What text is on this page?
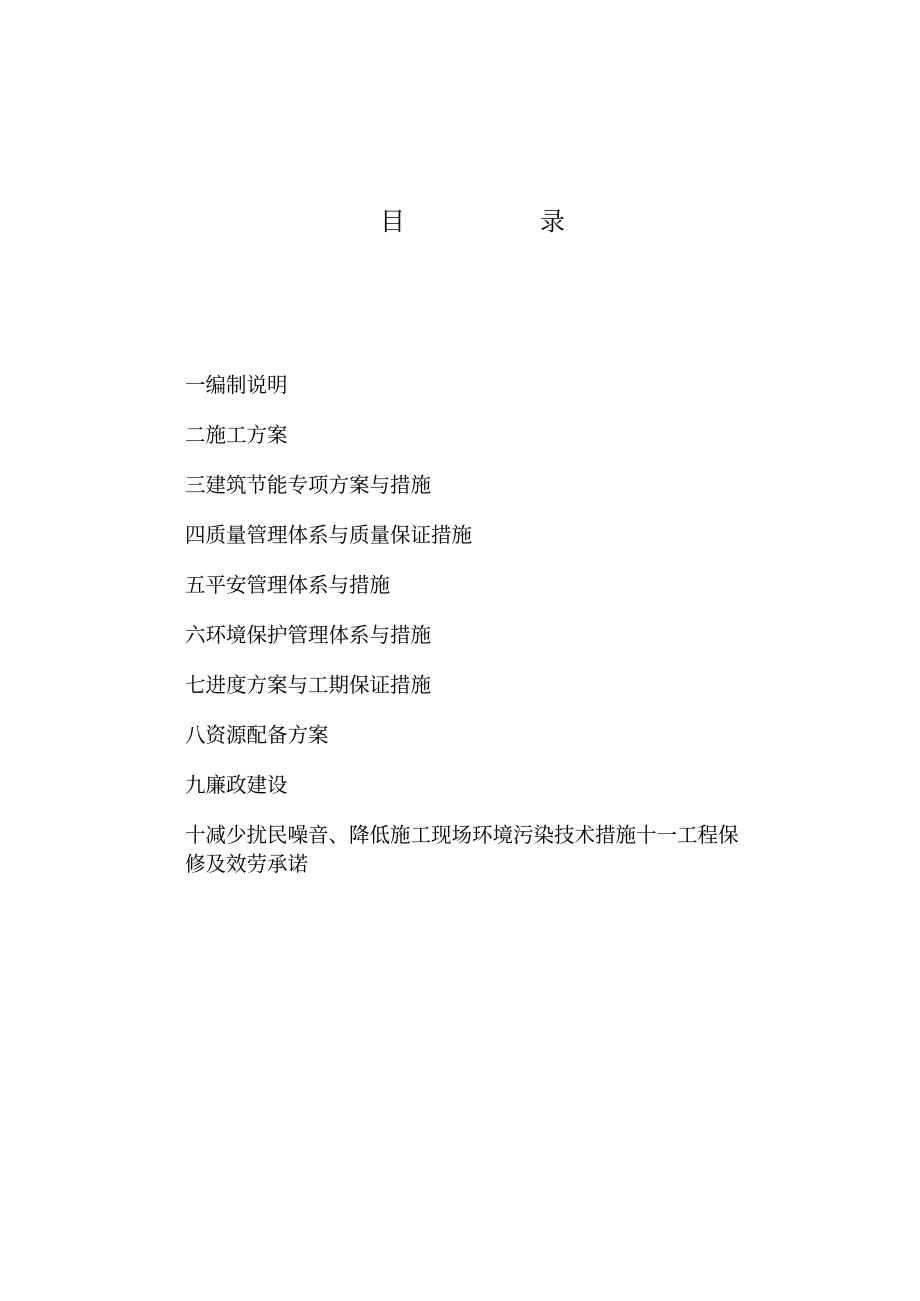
目	录
一编制说明
二施工方案
三建筑节能专项方案与措施
四质量管理体系与质量保证措施
五平安管理体系与措施
六环境保护管理体系与措施
七进度方案与工期保证措施
八资源配备方案
九廉政建设
十减少扰民噪音、降低施工现场环境污染技术措施十一工程保修及效劳承诺
